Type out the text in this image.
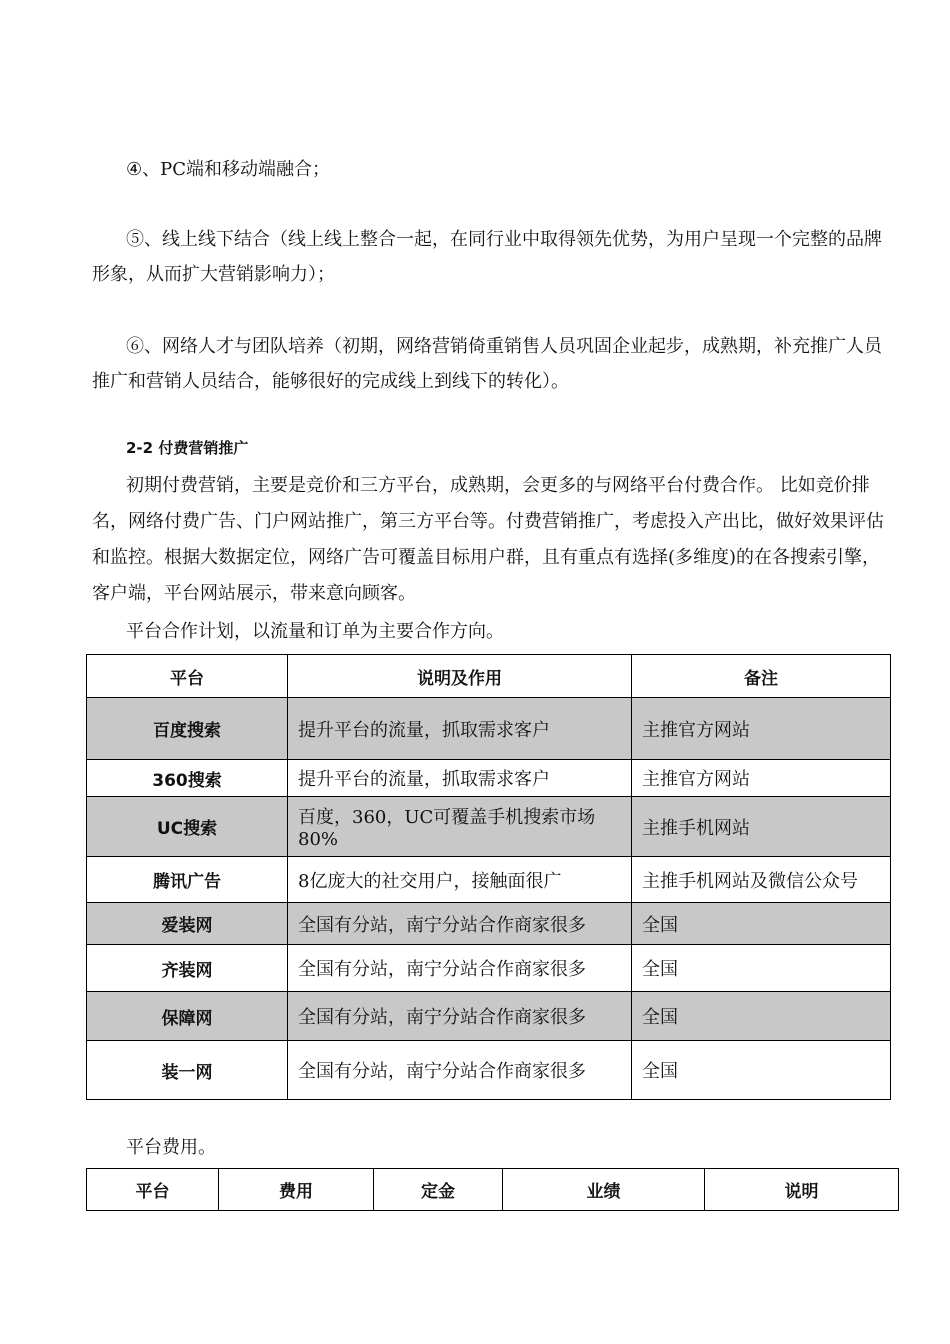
④、PC端和移动端融合；

⑤、线上线下结合（线上线上整合一起，在同行业中取得领先优势，为用户呈现一个完整的品牌形象，从而扩大营销影响力）；

⑥、网络人才与团队培养（初期，网络营销倚重销售人员巩固企业起步，成熟期，补充推广人员推广和营销人员结合，能够很好的完成线上到线下的转化）。

2-2 付费营销推广

初期付费营销，主要是竞价和三方平台，成熟期，会更多的与网络平台付费合作。 比如竞价排名，网络付费广告、门户网站推广，第三方平台等。付费营销推广，考虑投入产出比，做好效果评估和监控。根据大数据定位，网络广告可覆盖目标用户群，且有重点有选择(多维度)的在各搜索引擎，客户端，平台网站展示，带来意向顾客。

平台合作计划，以流量和订单为主要合作方向。

平台	说明及作用	备注
百度搜索	提升平台的流量，抓取需求客户	主推官方网站
360搜索	提升平台的流量，抓取需求客户	主推官方网站
UC搜索	百度，360，UC可覆盖手机搜索市场80%	主推手机网站
腾讯广告	8亿庞大的社交用户，接触面很广	主推手机网站及微信公众号
爱装网	全国有分站，南宁分站合作商家很多	全国
齐装网	全国有分站，南宁分站合作商家很多	全国
保障网	全国有分站，南宁分站合作商家很多	全国
装一网	全国有分站，南宁分站合作商家很多	全国

平台费用。

平台	费用	定金	业绩	说明
